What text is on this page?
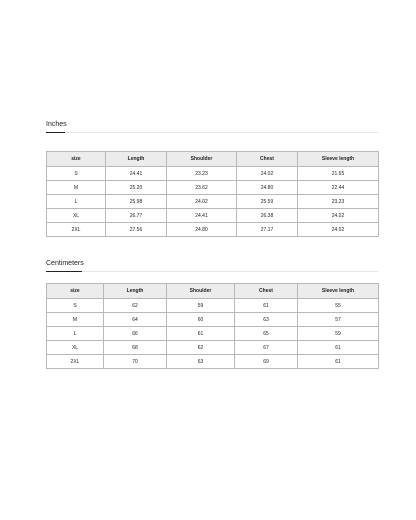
Inches
size	Length	Shoulder	Chest	Sleeve length
S	24.41	23.23	24.02	21.65
M	25.20	23.62	24.80	22.44
L	25.98	24.02	25.59	23.23
XL	26.77	24.41	26.38	24.02
2XL	27.56	24.80	27.17	24.02
Centimeters
size	Length	Shoulder	Chest	Sleeve length
S	62	59	61	55
M	64	60	63	57
L	66	61	65	59
XL	68	62	67	61
2XL	70	63	69	61
